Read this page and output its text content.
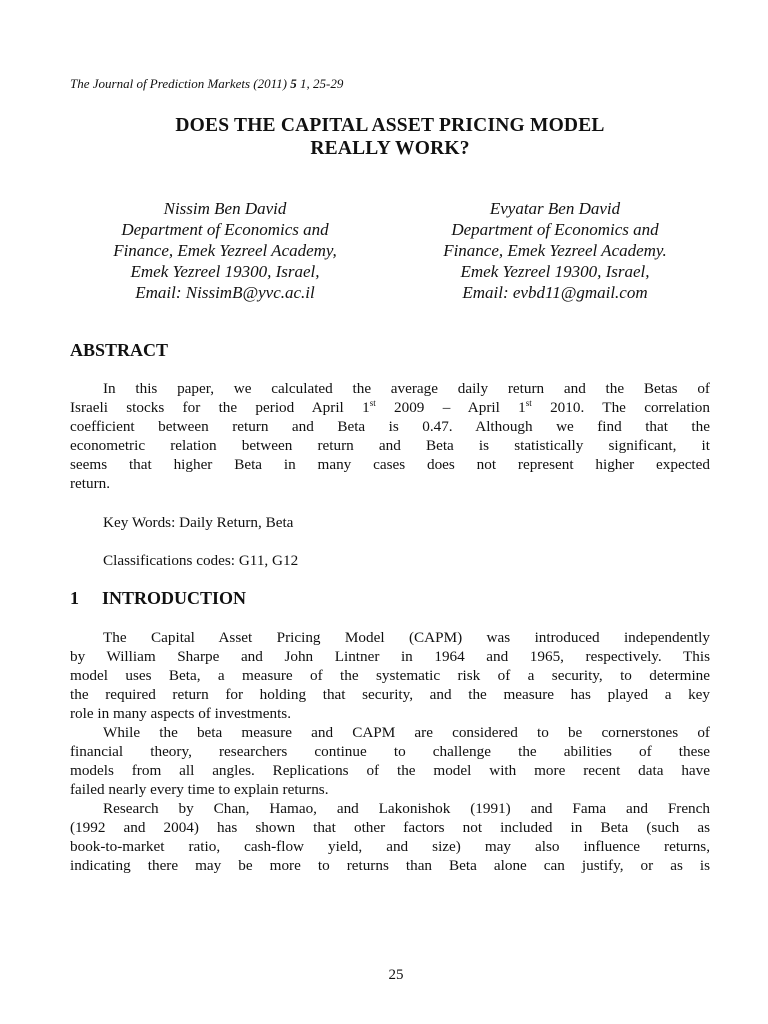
The Journal of Prediction Markets (2011) 5 1, 25-29
DOES THE CAPITAL ASSET PRICING MODEL
REALLY WORK?
Nissim Ben David
Department of Economics and
Finance, Emek Yezreel Academy,
Emek Yezreel 19300, Israel,
Email: NissimB@yvc.ac.il
Evyatar Ben David
Department of Economics and
Finance, Emek Yezreel Academy.
Emek Yezreel 19300, Israel,
Email: evbd11@gmail.com
ABSTRACT
In this paper, we calculated the average daily return and the Betas of
Israeli stocks for the period April 1st 2009 – April 1st 2010. The correlation
coefficient between return and Beta is 0.47. Although we find that the
econometric relation between return and Beta is statistically significant, it
seems that higher Beta in many cases does not represent higher expected
return.
Key Words: Daily Return, Beta
Classifications codes: G11, G12
1 INTRODUCTION
The Capital Asset Pricing Model (CAPM) was introduced independently
by William Sharpe and John Lintner in 1964 and 1965, respectively. This
model uses Beta, a measure of the systematic risk of a security, to determine
the required return for holding that security, and the measure has played a key
role in many aspects of investments.
While the beta measure and CAPM are considered to be cornerstones of
financial theory, researchers continue to challenge the abilities of these
models from all angles. Replications of the model with more recent data have
failed nearly every time to explain returns.
Research by Chan, Hamao, and Lakonishok (1991) and Fama and French
(1992 and 2004) has shown that other factors not included in Beta (such as
book-to-market ratio, cash-flow yield, and size) may also influence returns,
indicating there may be more to returns than Beta alone can justify, or as is
25
